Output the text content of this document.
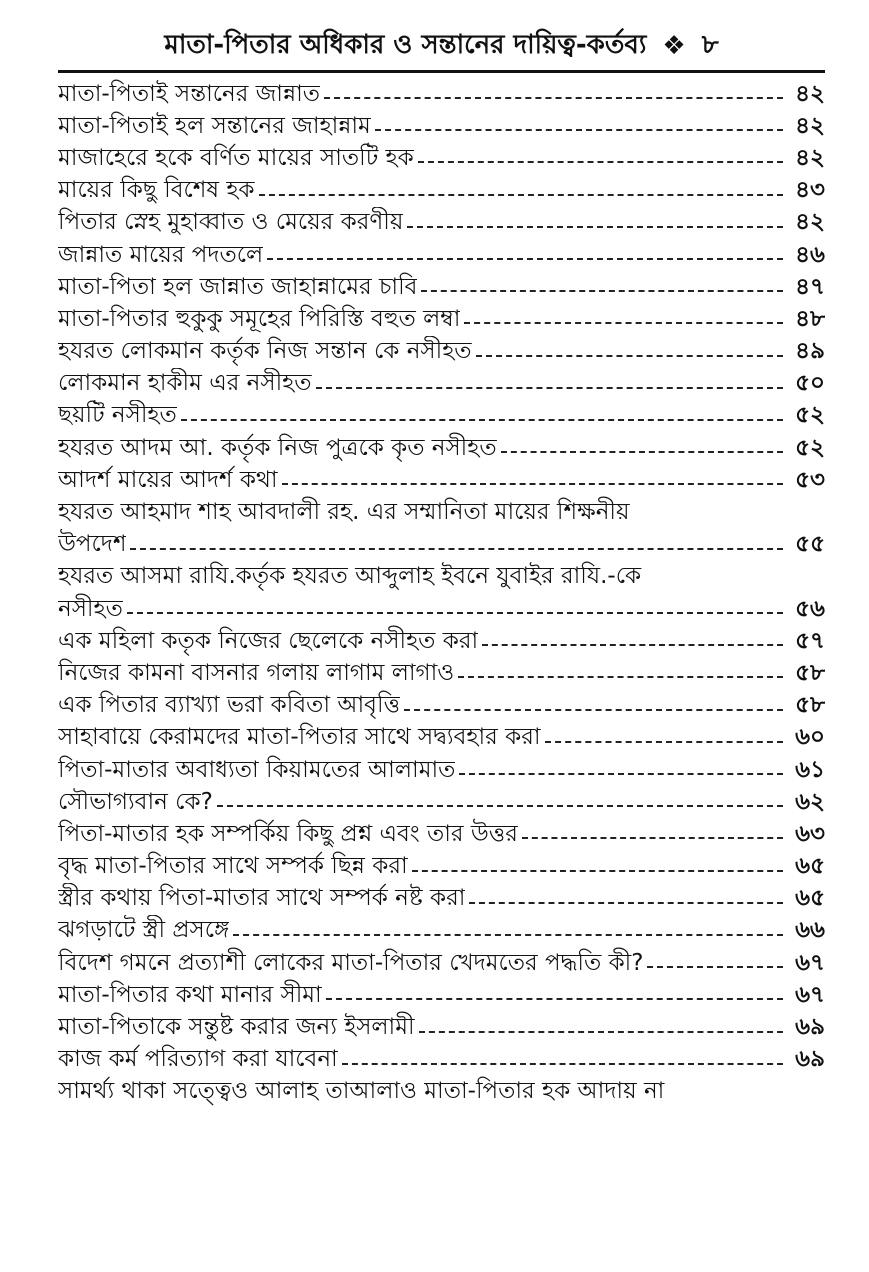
মাতা-পিতার অধিকার ও সন্তানের দায়িত্ব-কর্তব্য ❖ ৮
মাতা-পিতাই সন্তানের জান্নাত	৪২
মাতা-পিতাই হল সন্তানের জাহান্নাম	৪২
মাজাহেরে হকে বর্ণিত মায়ের সাতটি হক	৪২
মায়ের কিছু বিশেষ হক	৪৩
পিতার স্নেহ মুহাব্বাত ও মেয়ের করণীয়	৪২
জান্নাত মায়ের পদতলে	৪৬
মাতা-পিতা হল জান্নাত জাহান্নামের চাবি	৪৭
মাতা-পিতার হুকুকু সমূহের পিরিস্তি বহুত লম্বা	৪৮
হযরত লোকমান কর্তৃক নিজ সন্তান কে নসীহত	৪৯
লোকমান হাকীম এর নসীহত	৫০
ছয়টি নসীহত	৫২
হযরত আদম আ. কর্তৃক নিজ পুত্রকে কৃত নসীহত	৫২
আদর্শ মায়ের আদর্শ কথা	৫৩
হযরত আহমাদ শাহ আবদালী রহ. এর সম্মানিতা মায়ের শিক্ষনীয়
উপদেশ	৫৫
হযরত আসমা রাযি.কর্তৃক হযরত আব্দুলাহ ইবনে যুবাইর রাযি.-কে
নসীহত	৫৬
এক মহিলা কতৃক নিজের ছেলেকে নসীহত করা	৫৭
নিজের কামনা বাসনার গলায় লাগাম লাগাও	৫৮
এক পিতার ব্যাখ্যা ভরা কবিতা আবৃত্তি	৫৮
সাহাবায়ে কেরামদের মাতা-পিতার সাথে সদ্ব্যবহার করা	৬০
পিতা-মাতার অবাধ্যতা কিয়ামতের আলামাত	৬১
সৌভাগ্যবান কে?	৬২
পিতা-মাতার হক সম্পর্কিয় কিছু প্রশ্ন এবং তার উত্তর	৬৩
বৃদ্ধ মাতা-পিতার সাথে সম্পর্ক ছিন্ন করা	৬৫
স্ত্রীর কথায় পিতা-মাতার সাথে সম্পর্ক নষ্ট করা	৬৫
ঝগড়াটে স্ত্রী প্রসঙ্গে	৬৬
বিদেশ গমনে প্রত্যাশী লোকের মাতা-পিতার খেদমতের পদ্ধতি কী?	৬৭
মাতা-পিতার কথা মানার সীমা	৬৭
মাতা-পিতাকে সন্তুষ্ট করার জন্য ইসলামী	৬৯
কাজ কর্ম পরিত্যাগ করা যাবেনা	৬৯
সামর্থ্য থাকা সত্ত্বেও আলাহ তাআলাও মাতা-পিতার হক আদায় না
